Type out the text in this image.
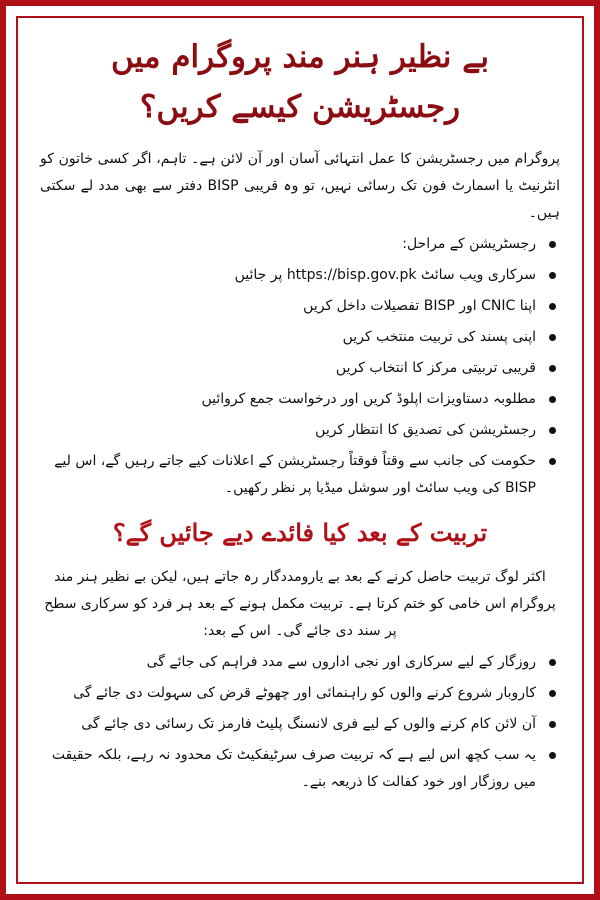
بے نظیر ہنر مند پروگرام میں رجسٹریشن کیسے کریں؟

پروگرام میں رجسٹریشن کا عمل انتہائی آسان اور آن لائن ہے۔ تاہم، اگر کسی خاتون کو انٹرنیٹ یا اسمارٹ فون تک رسائی نہیں، تو وہ قریبی BISP دفتر سے بھی مدد لے سکتی ہیں۔

رجسٹریشن کے مراحل:
سرکاری ویب سائٹ https://bisp.gov.pk پر جائیں
اپنا CNIC اور BISP تفصیلات داخل کریں
اپنی پسند کی تربیت منتخب کریں
قریبی تربیتی مرکز کا انتخاب کریں
مطلوبہ دستاویزات اپلوڈ کریں اور درخواست جمع کروائیں
رجسٹریشن کی تصدیق کا انتظار کریں
حکومت کی جانب سے وقتاً فوقتاً رجسٹریشن کے اعلانات کیے جاتے رہیں گے، اس لیے BISP کی ویب سائٹ اور سوشل میڈیا پر نظر رکھیں۔
تربیت کے بعد کیا فائدے دیے جائیں گے؟

اکثر لوگ تربیت حاصل کرنے کے بعد بے یارومددگار رہ جاتے ہیں، لیکن بے نظیر ہنر مند پروگرام اس خامی کو ختم کرتا ہے۔ تربیت مکمل ہونے کے بعد ہر فرد کو سرکاری سطح پر سند دی جائے گی۔ اس کے بعد:

روزگار کے لیے سرکاری اور نجی اداروں سے مدد فراہم کی جائے گی
کاروبار شروع کرنے والوں کو راہنمائی اور چھوٹے قرض کی سہولت دی جائے گی
آن لائن کام کرنے والوں کے لیے فری لانسنگ پلیٹ فارمز تک رسائی دی جائے گی
یہ سب کچھ اس لیے ہے کہ تربیت صرف سرٹیفکیٹ تک محدود نہ رہے، بلکہ حقیقت میں روزگار اور خود کفالت کا ذریعہ بنے۔
